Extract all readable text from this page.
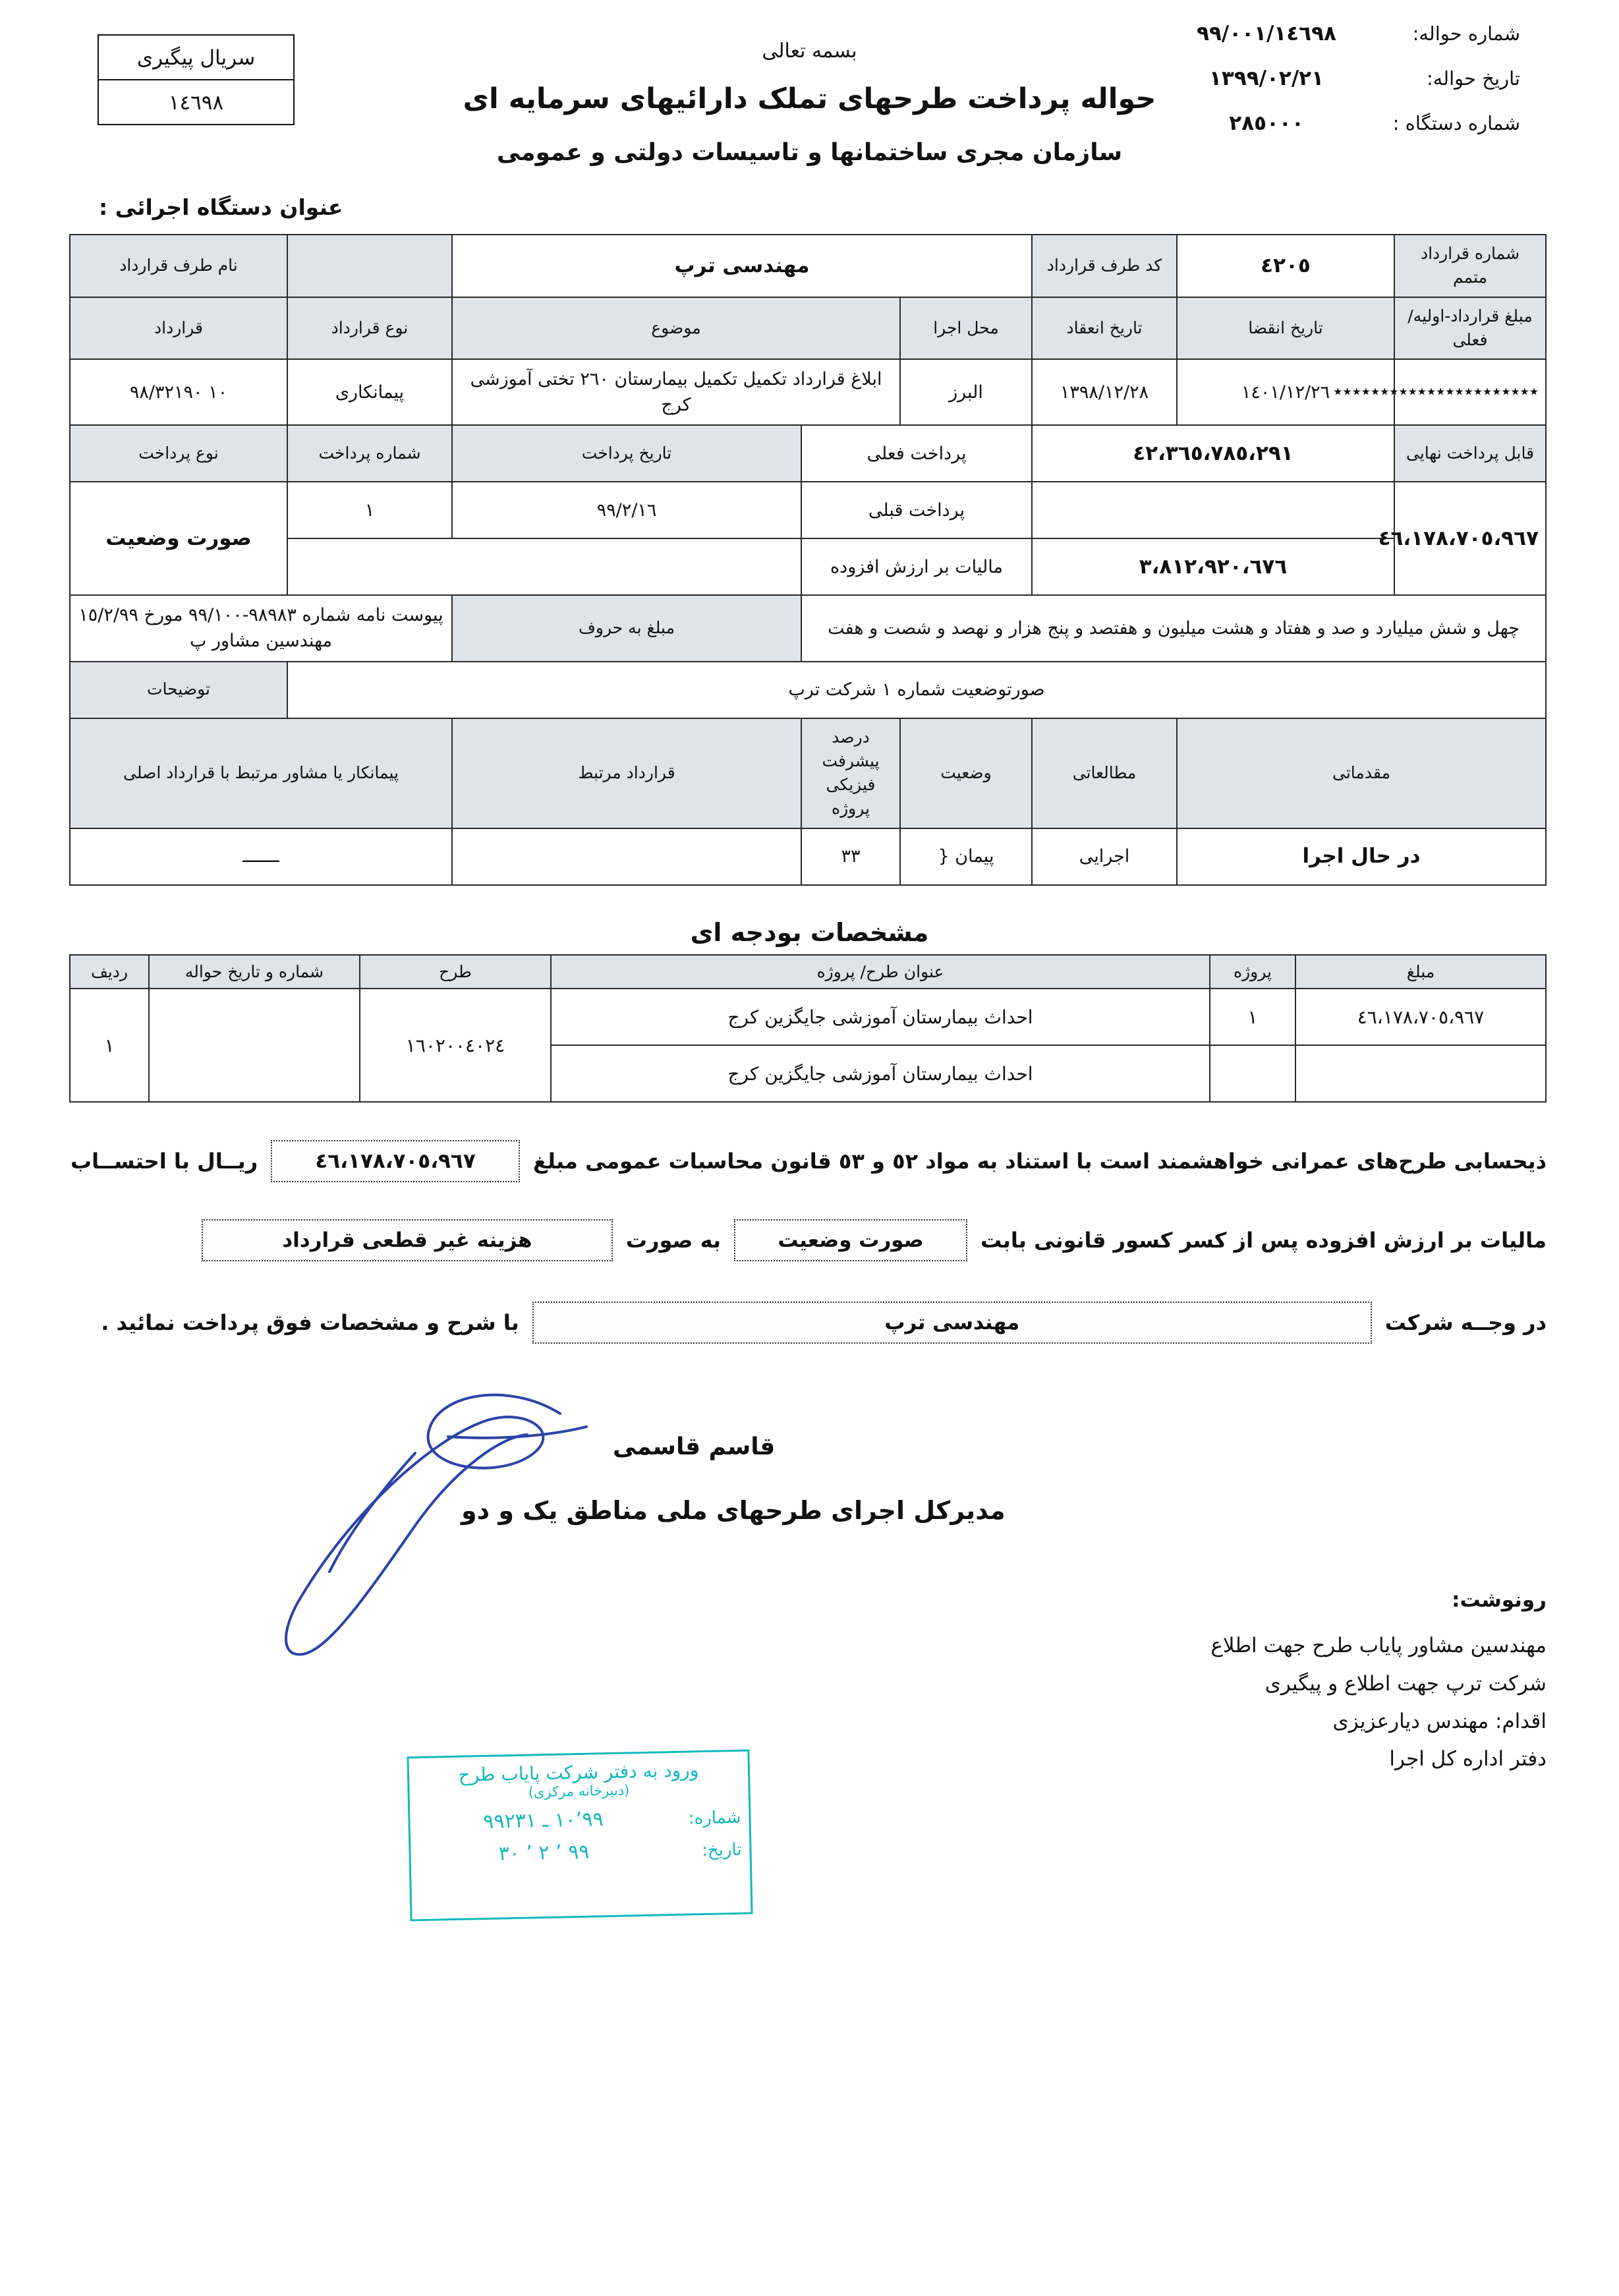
شماره حواله:
٩٩/٠٠١/١٤٦٩٨
تاریخ حواله:
١٣٩٩/٠٢/٢١
شماره دستگاه :
٢٨٥٠٠٠
بسمه تعالی
حواله پرداخت طرحهای تملک دارائیهای سرمایه ای
سازمان مجری ساختمانها و تاسیسات دولتی و عمومی
سریال پیگیری
١٤٦٩٨
عنوان دستگاه اجرائی :
شماره قرارداد متمم	٤٢٠٥	کد طرف قرارداد	مهندسی ترپ				نام طرف قرارداد
مبلغ قرارداد-اولیه/فعلی	تاریخ انقضا	تاریخ انعقاد	محل اجرا	موضوع		نوع قرارداد	قرارداد
٭٭٭٭٭٭٭٭٭٭٭٭٭٭٭٭٭٭٭٭٭٭	١٤٠١/١٢/٢٦	١٣٩٨/١٢/٢٨	البرز	ابلاغ قرارداد تکمیل تکمیل بیمارستان ٢٦٠ تختی آموزشی کرج		پیمانکاری	١٠ ٩٨/٣٢١٩٠
قابل پرداخت نهایی	٤٢،٣٦٥،٧٨٥،٢٩١		پرداخت فعلی		تاریخ پرداخت	شماره پرداخت	نوع پرداخت
٤٦،١٧٨،٧٠٥،٩٦٧			پرداخت قبلی		٩٩/٢/١٦	١	صورت وضعیت
	٣،٨١٢،٩٢٠،٦٧٦		مالیات بر ارزش افزوده				
چهل و شش میلیارد و صد و هفتاد و هشت میلیون و هفتصد و پنج هزار و نهصد و شصت و هفت					مبلغ به حروف	پیوست نامه شماره ٩٨٩٨٣-٩٩/١٠٠ مورخ ١٥/٢/٩٩ مهندسین مشاور پ	
صورتوضعیت شماره ١ شرکت ترپ							توضیحات
مقدماتی		مطالعاتی	وضعیت	درصد پیشرفت فیزیکی پروژه	قرارداد مرتبط	پیمانکار یا مشاور مرتبط با قرارداد اصلی	
در حال اجرا		اجرایی	پیمان {	٣٣		ـــــــ	
مشخصات بودجه ای
مبلغ	پروژه	عنوان طرح/ پروژه	طرح	شماره و تاریخ حواله	ردیف
٤٦،١٧٨،٧٠٥،٩٦٧	١	احداث بیمارستان آموزشی جایگزین کرج	١٦٠٢٠٠٤٠٢٤		١
		احداث بیمارستان آموزشی جایگزین کرج			
ذیحسابی طرح‌های عمرانی خواهشمند است با استناد به مواد ٥٢ و ٥٣ قانون محاسبات عمومی مبلغ
٤٦،١٧٨،٧٠٥،٩٦٧
ریــال با احتســاب
مالیات بر ارزش افزوده پس از کسر کسور قانونی بابت
صورت وضعیت
به صورت
هزینه غیر قطعی قرارداد
در وجــه شرکت
مهندسی ترپ
با شرح و مشخصات فوق پرداخت نمائید .
قاسم قاسمی
مدیرکل اجرای طرحهای ملی مناطق یک و دو
رونوشت:
مهندسین مشاور پایاب طرح جهت اطلاع
شرکت ترپ جهت اطلاع و پیگیری
اقدام: مهندس دیارعزیزی
دفتر اداره کل اجرا
ورود به دفتر شرکت پایاب طرح
(دبیرخانه مرکزی)
شماره:
١٠٬٩٩ ـ ٩٩٢٣١
تاریخ:
٩٩ ٬ ٢ ٬ ٣٠
